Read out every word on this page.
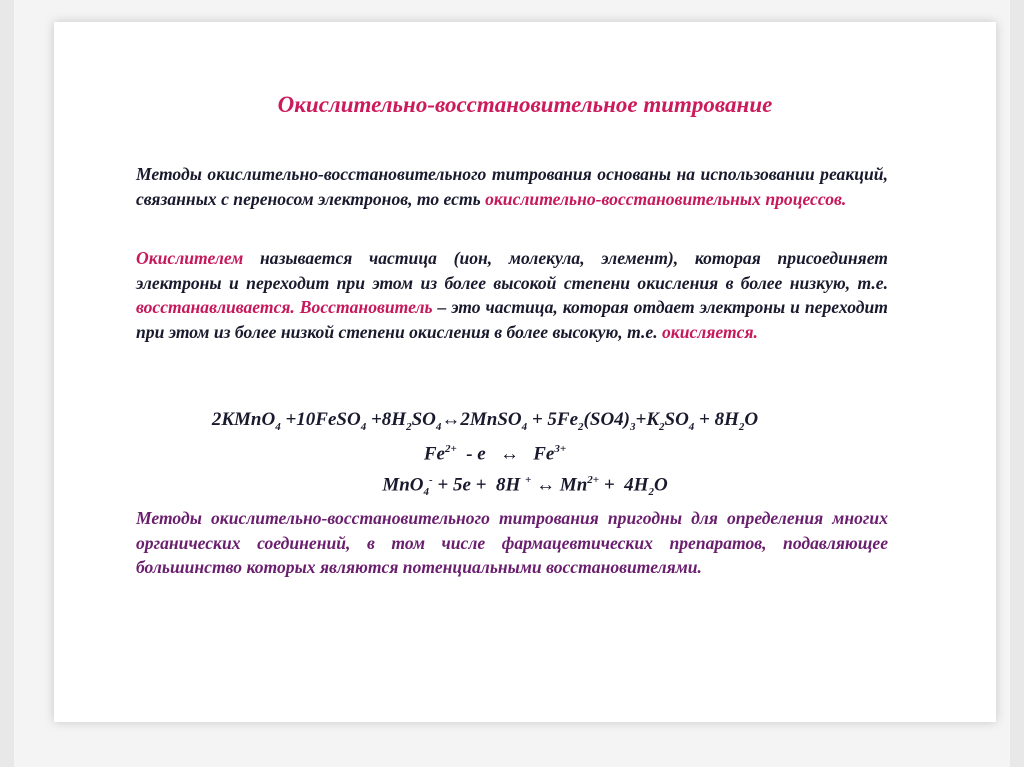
Окислительно-восстановительное титрование
Методы окислительно-восстановительного титрования основаны на использовании реакций, связанных с переносом электронов, то есть окислительно-восстановительных процессов.
Окислителем называется частица (ион, молекула, элемент), которая присоединяет электроны и переходит при этом из более высокой степени окисления в более низкую, т.е. восстанавливается. Восстановитель – это частица, которая отдает электроны и переходит при этом из более низкой степени окисления в более высокую, т.е. окисляется.
2KMnO$_4$ +10FeSO$_4$ $+8H_2SO_4\leftrightarrow 2MnSO_4 + 5Fe_2(SO4)_3+K_2SO_4 + 8H_2O$
$Fe^{2+}$  - e   ↔   $Fe^{3+}$
MnO$_4$- + 5e +  8H + ↔ $Mn^{2+} + 4H_2O$
Методы окислительно-восстановительного титрования пригодны для определения многих органических соединений, в том числе фармацевтических препаратов, подавляющее большинство которых являются потенциальными восстановителями.
